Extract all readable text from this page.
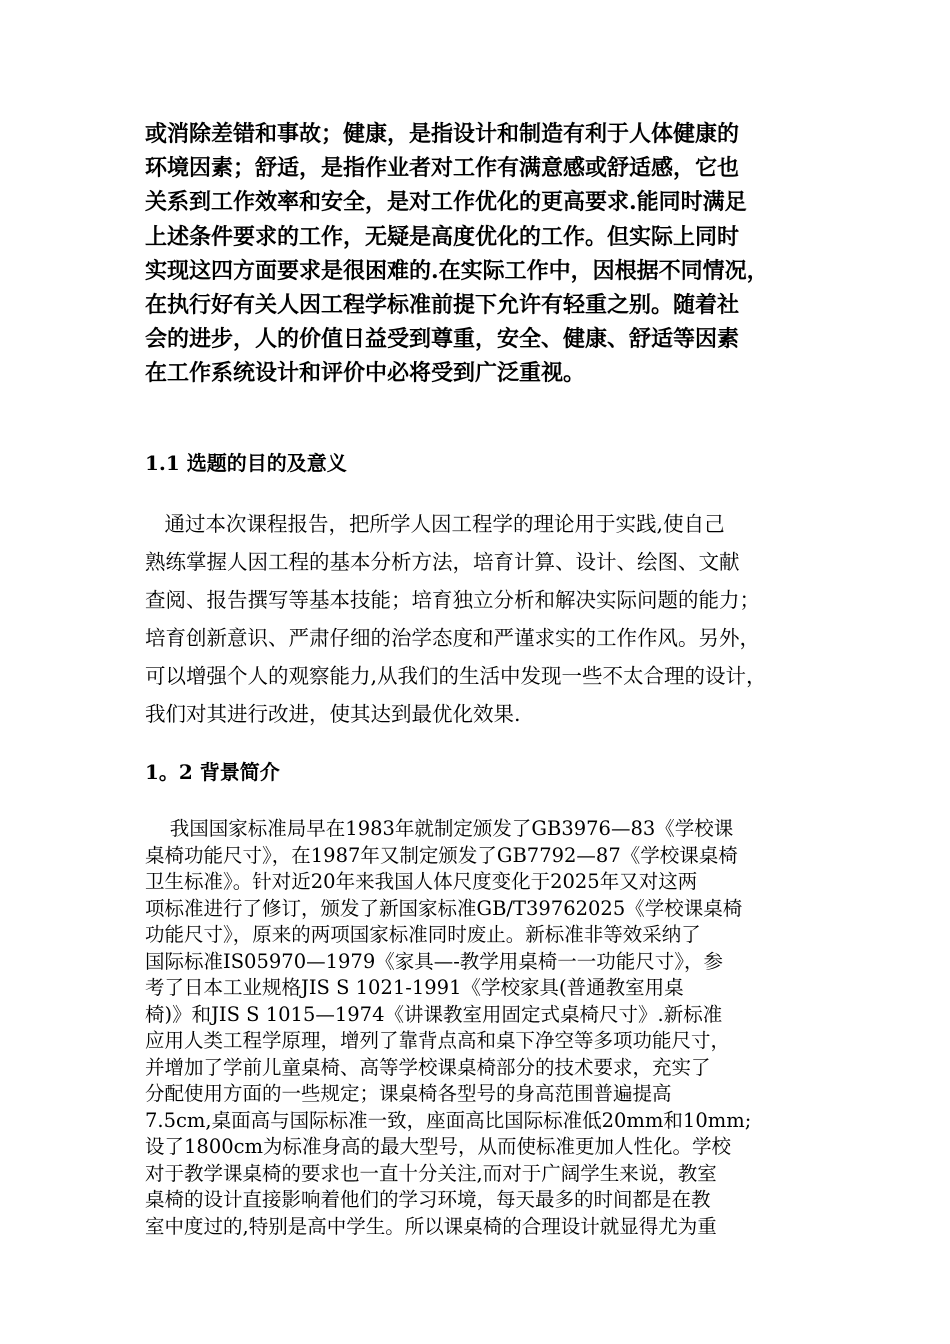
或消除差错和事故；健康，是指设计和制造有利于人体健康的
环境因素；舒适，是指作业者对工作有满意感或舒适感，它也
关系到工作效率和安全，是对工作优化的更高要求.能同时满足
上述条件要求的工作，无疑是高度优化的工作。但实际上同时
实现这四方面要求是很困难的.在实际工作中，因根据不同情况，
在执行好有关人因工程学标准前提下允许有轻重之别。随着社
会的进步，人的价值日益受到尊重，安全、健康、舒适等因素
在工作系统设计和评价中必将受到广泛重视。
1.1 选题的目的及意义
通过本次课程报告，把所学人因工程学的理论用于实践,使自己
熟练掌握人因工程的基本分析方法，培育计算、设计、绘图、文献
查阅、报告撰写等基本技能；培育独立分析和解决实际问题的能力；
培育创新意识、严肃仔细的治学态度和严谨求实的工作作风。另外，
可以增强个人的观察能力,从我们的生活中发现一些不太合理的设计，
我们对其进行改进，使其达到最优化效果.
1。2 背景简介
我国国家标准局早在1983年就制定颁发了GB3976—83《学校课
桌椅功能尺寸》，在1987年又制定颁发了GB7792—87《学校课桌椅
卫生标准》。针对近20年来我国人体尺度变化于2025年又对这两
项标准进行了修订，颁发了新国家标准GB/T39762025《学校课桌椅
功能尺寸》，原来的两项国家标准同时废止。新标准非等效采纳了
国际标准IS05970—1979《家具—-教学用桌椅一一功能尺寸》，参
考了日本工业规格JIS S 1021-1991《学校家具(普通教室用桌
椅)》和JIS S 1015—1974《讲课教室用固定式桌椅尺寸》.新标准
应用人类工程学原理，增列了靠背点高和桌下净空等多项功能尺寸，
并增加了学前儿童桌椅、高等学校课桌椅部分的技术要求，充实了
分配使用方面的一些规定；课桌椅各型号的身高范围普遍提高
7.5cm,桌面高与国际标准一致，座面高比国际标准低20mm和10mm;
设了1800cm为标准身高的最大型号，从而使标准更加人性化。学校
对于教学课桌椅的要求也一直十分关注,而对于广阔学生来说，教室
桌椅的设计直接影响着他们的学习环境，每天最多的时间都是在教
室中度过的,特别是高中学生。所以课桌椅的合理设计就显得尤为重
